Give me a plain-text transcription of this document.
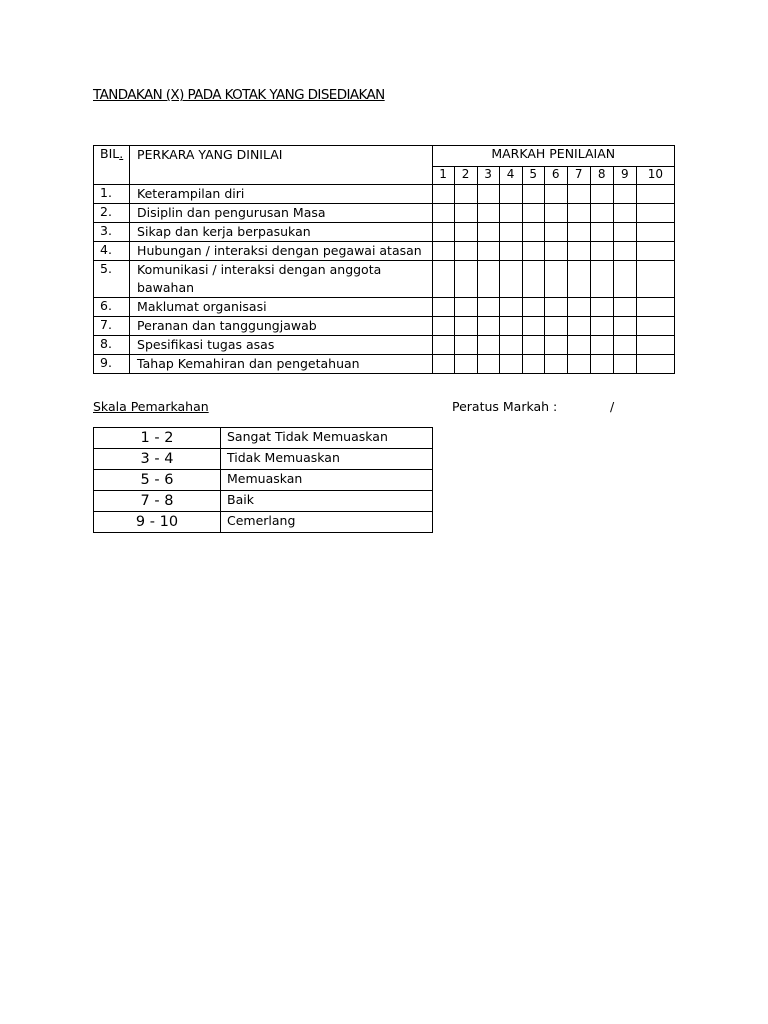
TANDAKAN (X) PADA KOTAK YANG DISEDIAKAN
BIL.	PERKARA YANG DINILAI	MARKAH PENILAIAN									
		1	2	3	4	5	6	7	8	9	10
1.	Keterampilan diri										
2.	Disiplin dan pengurusan Masa										
3.	Sikap dan kerja berpasukan										
4.	Hubungan / interaksi dengan pegawai atasan										
5.	Komunikasi / interaksi dengan anggota bawahan										
6.	Maklumat organisasi										
7.	Peranan dan tanggungjawab										
8.	Spesifikasi tugas asas										
9.	Tahap Kemahiran dan pengetahuan										
Skala Pemarkahan	Peratus Markah :	/
1 - 2	Sangat Tidak Memuaskan
3 - 4	Tidak Memuaskan
5 - 6	Memuaskan
7 - 8	Baik
9 - 10	Cemerlang
